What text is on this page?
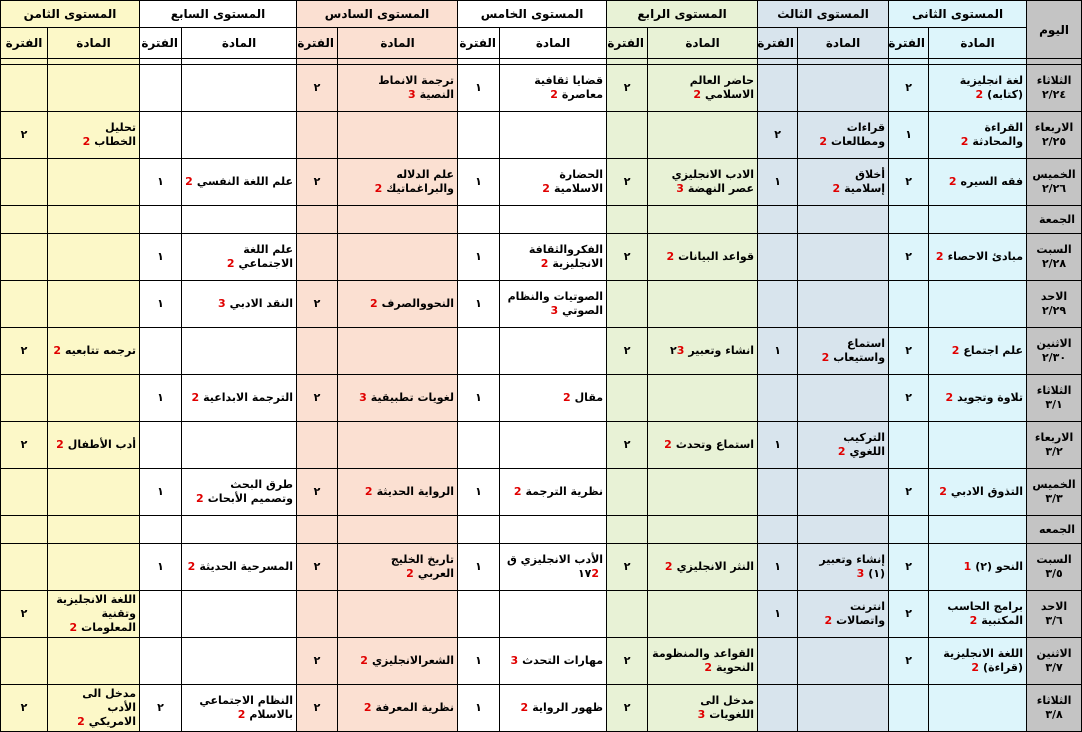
اليوم	المستوى الثانى		المستوى الثالث		المستوى الرابع		المستوى الخامس		المستوى السادس		المستوى السابع		المستوى الثامن	
	المادة	الفترة	المادة	الفترة	المادة	الفترة	المادة	الفترة	المادة	الفترة	المادة	الفترة	المادة	الفترة

الثلاثاء
٢/٢٤	لغة انجليزية (كتابه)2	٢			حاضر العالم الاسلامي2	٢	قضايا ثقافية معاصرة2	١	ترجمة الانماط النصية3	٢				

الاربعاء
٢/٢٥	القراءة والمحادثة2	١	قراءات ومطالعات2	٢									تحليل الخطاب2	٢

الخميس
٢/٢٦	فقه السيره2	٢	أخلاق إسلامية2	١	الادب الانجليزي عصر النهضة3	٢	الحضارة الاسلامية2	١	علم الدلاله والبراغماتيك2	٢	علم اللغة النفسي2	١		
الجمعة														

السبت
٢/٢٨	مبادئ الاحصاء2	٢			قواعد البيانات2	٢	الفكروالثقافة الانجليزية2	١			علم اللغة الاجتماعي2	١		

الاحد
٢/٢٩							الصوتيات والنظام الصوتي3	١	النحووالصرف2	٢	النقد الادبي3	١		

الاثنين
٢/٣٠	علم اجتماع2	٢	استماع واستيعاب2	١	انشاء وتعبير٢3	٢							ترجمه تتابعيه2	٢

الثلاثاء
٣/١	تلاوة وتجويد2	٢					مقال2	١	لغويات تطبيقية3	٢	الترجمة الابداعية2	١		

الاربعاء
٣/٢			التركيب اللغوي2	١	استماع وتحدث2	٢							أدب الأطفال2	٢

الخميس
٣/٣	التذوق الادبي2	٢					نظرية الترجمة2	١	الرواية الحديثة2	٢	طرق البحث وتصميم الأبحاث2	١		
الجمعه														

السبت
٣/٥	النحو (٢)1	٢	إنشاء وتعبير (١)3	١	النثر الانجليزي2	٢	الأدب الانجليزي ق ١٧2	١	تاريخ الخليج العربي2	٢	المسرحية الحديثة2	١		

الاحد
٣/٦	برامج الحاسب المكتبية2	٢	انترنت واتصالات2	١									اللغة الانجليزية وتقنية المعلومات2	٢

الاثنين
٣/٧	اللغة الانجليزية (قراءة)2	٢			القواعد والمنظومة النحوية2	٢	مهارات التحدث3	١	الشعرالانجليزي2	٢				

الثلاثاء
٣/٨					مدخل الى اللغويات3	٢	ظهور الرواية2	١	نظرية المعرفة2	٢	النظام الاجتماعي بالاسلام2	٢	مدخل الى الأدب الامريكي2	٢
